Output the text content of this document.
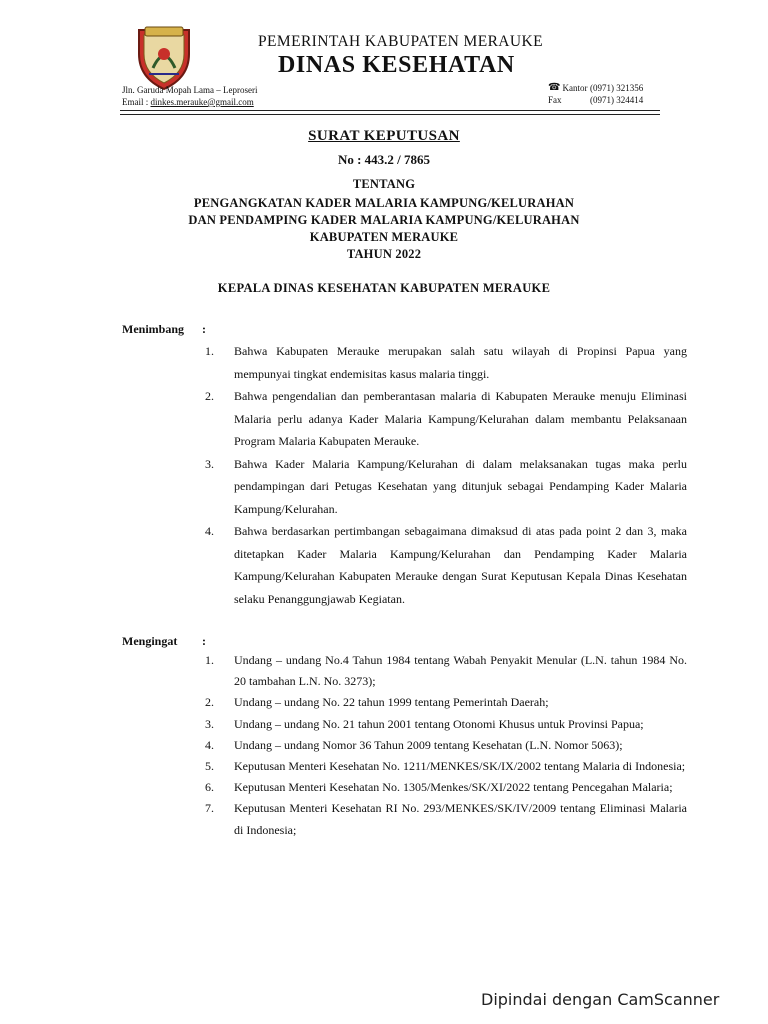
PEMERINTAH KABUPATEN MERAUKE
DINAS KESEHATAN
Jln. Garuda Mopah Lama – Leproseri
Email : dinkes.merauke@gmail.com
☎ Kantor (0971) 321356
Fax	(0971) 324414
SURAT KEPUTUSAN
No : 443.2 / 7865
TENTANG
PENGANGKATAN KADER MALARIA KAMPUNG/KELURAHAN
DAN PENDAMPING KADER MALARIA KAMPUNG/KELURAHAN
KABUPATEN MERAUKE
TAHUN 2022
KEPALA DINAS KESEHATAN KABUPATEN MERAUKE
Menimbang :
1. Bahwa Kabupaten Merauke merupakan salah satu wilayah di Propinsi Papua yang mempunyai tingkat endemisitas kasus malaria tinggi.
2. Bahwa pengendalian dan pemberantasan malaria di Kabupaten Merauke menuju Eliminasi Malaria perlu adanya Kader Malaria Kampung/Kelurahan dalam membantu Pelaksanaan Program Malaria Kabupaten Merauke.
3. Bahwa Kader Malaria Kampung/Kelurahan di dalam melaksanakan tugas maka perlu pendampingan dari Petugas Kesehatan yang ditunjuk sebagai Pendamping Kader Malaria Kampung/Kelurahan.
4. Bahwa berdasarkan pertimbangan sebagaimana dimaksud di atas pada point 2 dan 3, maka ditetapkan Kader Malaria Kampung/Kelurahan dan Pendamping Kader Malaria Kampung/Kelurahan Kabupaten Merauke dengan Surat Keputusan Kepala Dinas Kesehatan selaku Penanggungjawab Kegiatan.
Mengingat :
1. Undang – undang No.4 Tahun 1984 tentang Wabah Penyakit Menular (L.N. tahun 1984 No. 20 tambahan L.N. No. 3273);
2. Undang – undang No. 22 tahun 1999 tentang Pemerintah Daerah;
3. Undang – undang No. 21 tahun 2001 tentang Otonomi Khusus untuk Provinsi Papua;
4. Undang – undang Nomor 36 Tahun 2009 tentang Kesehatan (L.N. Nomor 5063);
5. Keputusan Menteri Kesehatan No. 1211/MENKES/SK/IX/2002 tentang Malaria di Indonesia;
6. Keputusan Menteri Kesehatan No. 1305/Menkes/SK/XI/2022 tentang Pencegahan Malaria;
7. Keputusan Menteri Kesehatan RI No. 293/MENKES/SK/IV/2009 tentang Eliminasi Malaria di Indonesia;
Dipindai dengan CamScanner
